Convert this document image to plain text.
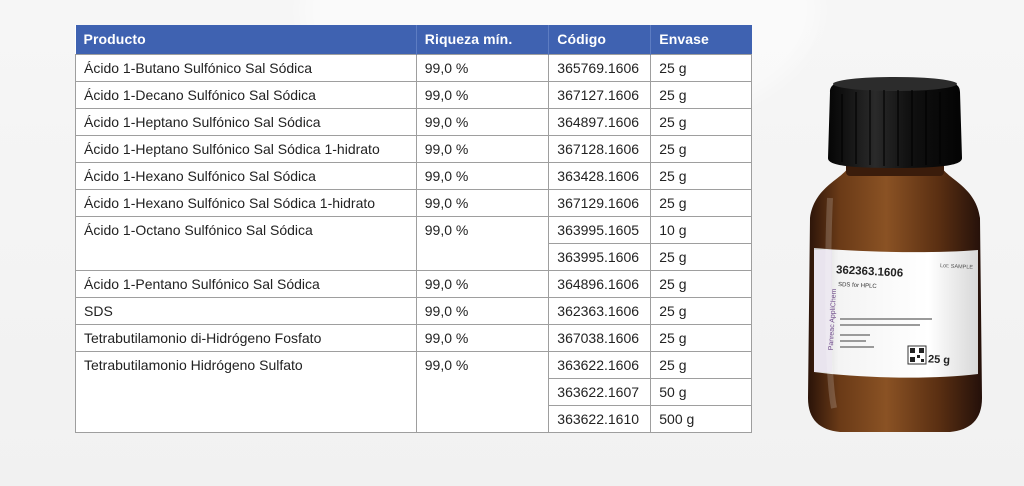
Producto	Riqueza mín.	Código	Envase
Ácido 1-Butano Sulfónico Sal Sódica	99,0 %	365769.1606	25 g
Ácido 1-Decano Sulfónico Sal Sódica	99,0 %	367127.1606	25 g
Ácido 1-Heptano Sulfónico Sal Sódica	99,0 %	364897.1606	25 g
Ácido 1-Heptano Sulfónico Sal Sódica 1-hidrato	99,0 %	367128.1606	25 g
Ácido 1-Hexano Sulfónico Sal Sódica	99,0 %	363428.1606	25 g
Ácido 1-Hexano Sulfónico Sal Sódica 1-hidrato	99,0 %	367129.1606	25 g
Ácido 1-Octano Sulfónico Sal Sódica	99,0 %	363995.1605	10 g
		363995.1606	25 g
Ácido 1-Pentano Sulfónico Sal Sódica	99,0 %	364896.1606	25 g
SDS	99,0 %	362363.1606	25 g
Tetrabutilamonio di-Hidrógeno Fosfato	99,0 %	367038.1606	25 g
Tetrabutilamonio Hidrógeno Sulfato	99,0 %	363622.1606	25 g
		363622.1607	50 g
		363622.1610	500 g
362363.1606	Lot: SAMPLE
SDS for HPLC
25 g
Panreac AppliChem
